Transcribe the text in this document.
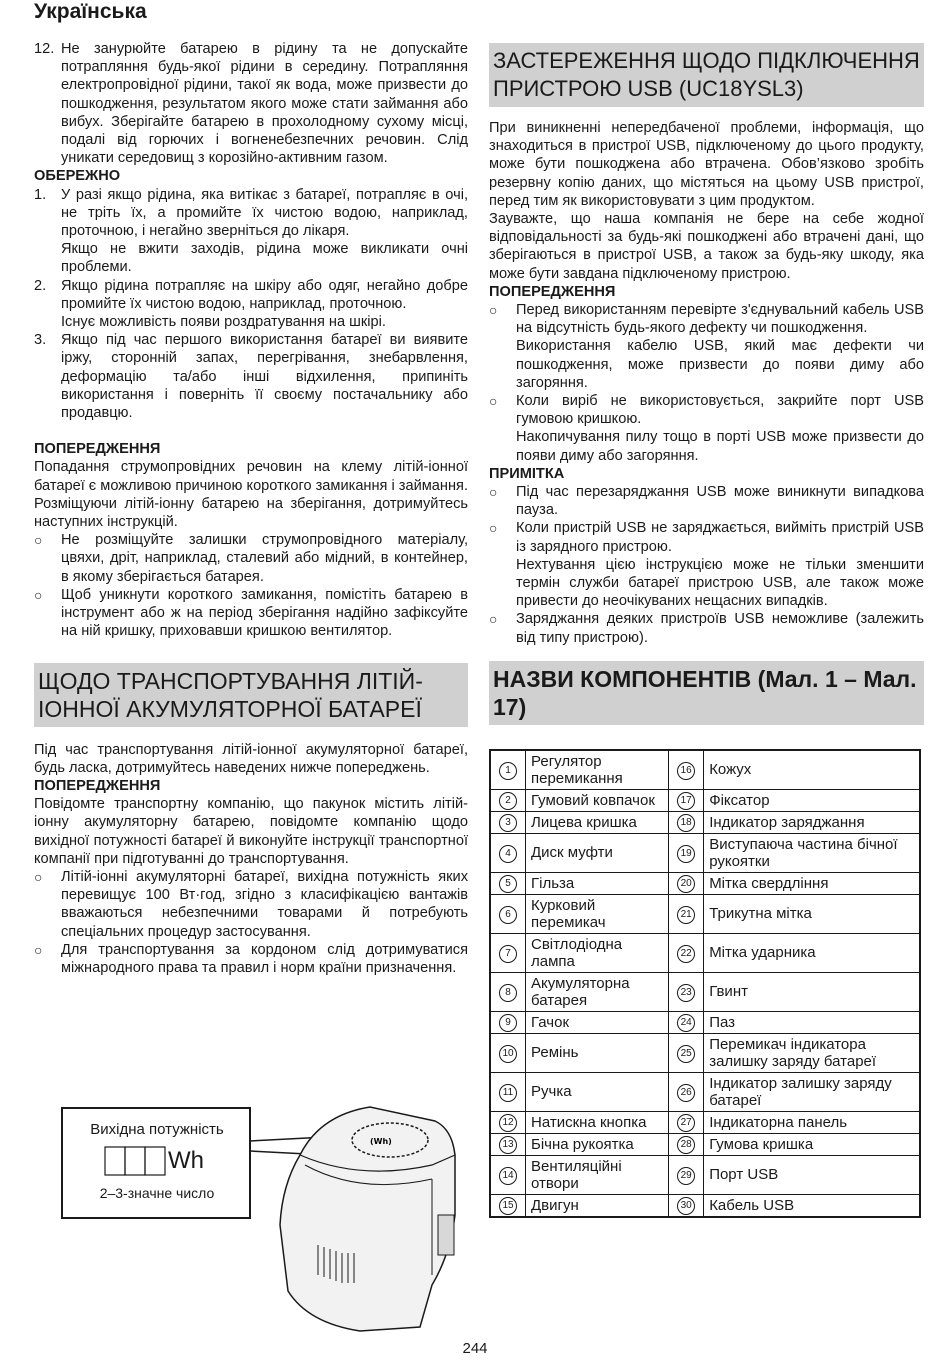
Українська
12. Не занурюйте батарею в рідину та не допускайте потрапляння будь-якої рідини в середину. Потрапляння електропровідної рідини, такої як вода, може призвести до пошкодження, результатом якого може стати займання або вибух. Зберігайте батарею в прохолодному сухому місці, подалі від горючих і вогненебезпечних речовин. Слід уникати середовищ з корозійно-активним газом.
ОБЕРЕЖНО
1.	У разі якщо рідина, яка витікає з батареї, потрапляє в очі, не тріть їх, а промийте їх чистою водою, наприклад, проточною, і негайно зверніться до лікаря.
Якщо не вжити заходів, рідина може викликати очні проблеми.
2.	Якщо рідина потрапляє на шкіру або одяг, негайно добре промийте їх чистою водою, наприклад, проточною.
Існує можливість появи роздратування на шкірі.
3.	Якщо під час першого використання батареї ви виявите іржу, сторонній запах, перегрівання, знебарвлення, деформацію та/або інші відхилення, припиніть використання і поверніть її своєму постачальнику або продавцю.
ПОПЕРЕДЖЕННЯ

Попадання струмопровідних речовин на клему літій-іонної батареї є можливою причиною короткого замикання і займання. Розміщуючи літій-іонну батарею на зберігання, дотримуйтесь наступних інструкцій.

○	Не розміщуйте залишки струмопровідного матеріалу, цвяхи, дріт, наприклад, сталевий або мідний, в контейнер, в якому зберігається батарея.
○	Щоб уникнути короткого замикання, помістіть батарею в інструмент або ж на період зберігання надійно зафіксуйте на ній кришку, приховавши кришкою вентилятор.
ЩОДО ТРАНСПОРТУВАННЯ ЛІТІЙ-ІОННОЇ АКУМУЛЯТОРНОЇ БАТАРЕЇ

Під час транспортування літій-іонної акумуляторної батареї, будь ласка, дотримуйтесь наведених нижче попереджень.

ПОПЕРЕДЖЕННЯ

Повідомте транспортну компанію, що пакунок містить літій-іонну акумуляторну батарею, повідомте компанію щодо вихідної потужності батареї й виконуйте інструкції транспортної компанії при підготуванні до транспортування.

○	Літій-іонні акумуляторні батареї, вихідна потужність яких перевищує 100 Вт·год, згідно з класифікацією вантажів вважаються небезпечними товарами й потребують спеціальних процедур застосування.
○	Для транспортування за кордоном слід дотримуватися міжнародного права та правил і норм країни призначення.
(Wh)
Вихідна потужність
Wh
2–3-значне число
ЗАСТЕРЕЖЕННЯ ЩОДО ПІДКЛЮЧЕННЯ ПРИСТРОЮ USB (UC18YSL3)

При виникненні непередбаченої проблеми, інформація, що знаходиться в пристрої USB, підключеному до цього продукту, може бути пошкоджена або втрачена. Обов’язково зробіть резервну копію даних, що містяться на цьому USB пристрої, перед тим як використовувати з цим продуктом.

Зауважте, що наша компанія не бере на себе жодної відповідальності за будь-які пошкоджені або втрачені дані, що зберігаються в пристрої USB, а також за будь-яку шкоду, яка може бути завдана підключеному пристрою.

ПОПЕРЕДЖЕННЯ
○	Перед використанням перевірте з'єднувальний кабель USB на відсутність будь-якого дефекту чи пошкодження.
Використання кабелю USB, який має дефекти чи пошкодження, може призвести до появи диму або загоряння.
○	Коли виріб не використовується, закрийте порт USB гумовою кришкою.
Накопичування пилу тощо в порті USB може призвести до появи диму або загоряння.
ПРИМІТКА
○	Під час перезаряджання USB може виникнути випадкова пауза.
○	Коли пристрій USB не заряджається, вийміть пристрій USB із зарядного пристрою.
Нехтування цією інструкцією може не тільки зменшити термін служби батареї пристрою USB, але також може привести до неочікуваних нещасних випадків.
○	Заряджання деяких пристроїв USB неможливе (залежить від типу пристрою).
НАЗВИ КОМПОНЕНТІВ (Мал. 1 – Мал. 17)
1	Регулятор перемикання	16	Кожух
2	Гумовий ковпачок	17	Фіксатор
3	Лицева кришка	18	Індикатор заряджання
4	Диск муфти	19	Виступаюча частина бічної рукоятки
5	Гільза	20	Мітка свердління
6	Курковий перемикач	21	Трикутна мітка
7	Світлодіодна лампа	22	Мітка ударника
8	Акумуляторна батарея	23	Гвинт
9	Гачок	24	Паз
10	Ремінь	25	Перемикач індикатора залишку заряду батареї
11	Ручка	26	Індикатор залишку заряду батареї
12	Натискна кнопка	27	Індикаторна панель
13	Бічна рукоятка	28	Гумова кришка
14	Вентиляційні отвори	29	Порт USB
15	Двигун	30	Кабель USB
244
